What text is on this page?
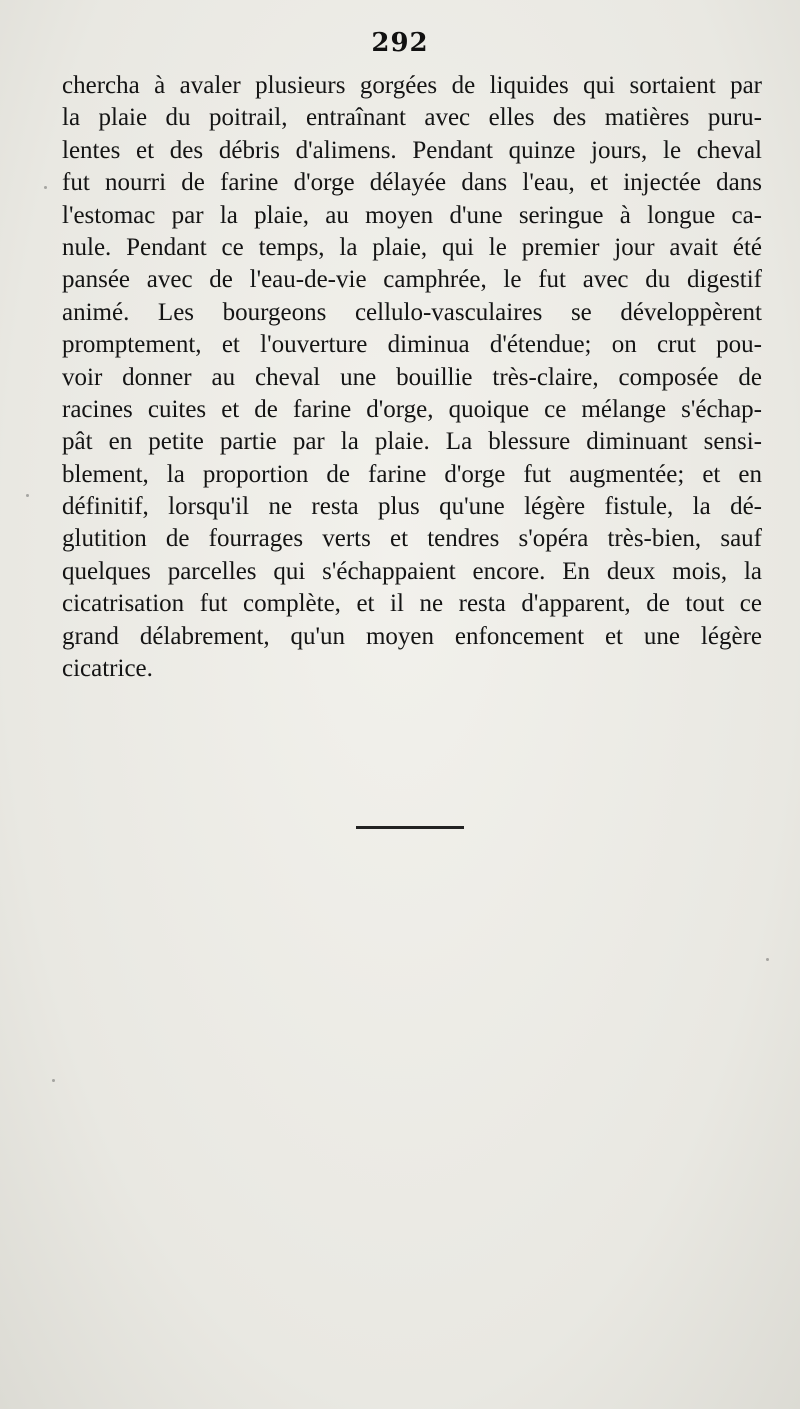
292
chercha à avaler plusieurs gorgées de liquides qui sortaient par
la plaie du poitrail, entraînant avec elles des matières puru-
lentes et des débris d'alimens. Pendant quinze jours, le cheval
fut nourri de farine d'orge délayée dans l'eau, et injectée dans
l'estomac par la plaie, au moyen d'une seringue à longue ca-
nule. Pendant ce temps, la plaie, qui le premier jour avait été
pansée avec de l'eau-de-vie camphrée, le fut avec du digestif
animé. Les bourgeons cellulo-vasculaires se développèrent
promptement, et l'ouverture diminua d'étendue; on crut pou-
voir donner au cheval une bouillie très-claire, composée de
racines cuites et de farine d'orge, quoique ce mélange s'échap-
pât en petite partie par la plaie. La blessure diminuant sensi-
blement, la proportion de farine d'orge fut augmentée; et en
définitif, lorsqu'il ne resta plus qu'une légère fistule, la dé-
glutition de fourrages verts et tendres s'opéra très-bien, sauf
quelques parcelles qui s'échappaient encore. En deux mois, la
cicatrisation fut complète, et il ne resta d'apparent, de tout ce
grand délabrement, qu'un moyen enfoncement et une légère
cicatrice.
